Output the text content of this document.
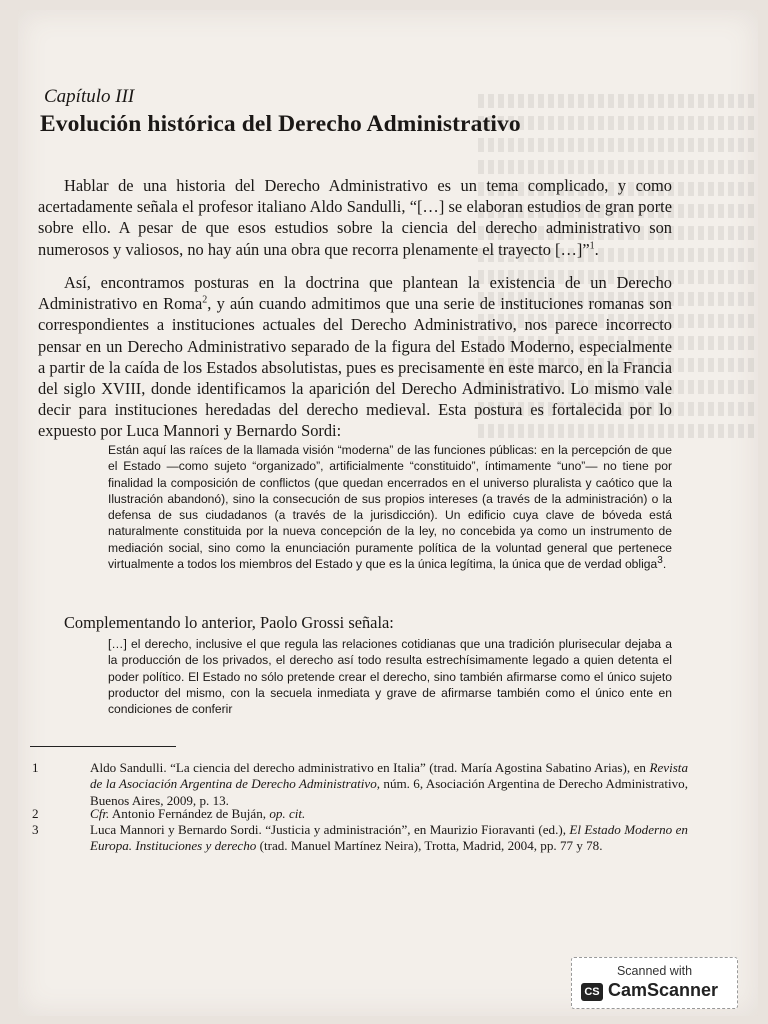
Capítulo III
Evolución histórica del Derecho Administrativo
Hablar de una historia del Derecho Administrativo es un tema complicado, y como acertadamente señala el profesor italiano Aldo Sandulli, “[…] se elaboran estudios de gran porte sobre ello. A pesar de que esos estudios sobre la ciencia del derecho administrativo son numerosos y valiosos, no hay aún una obra que recorra plenamente el trayecto […]”$^1$.
Así, encontramos posturas en la doctrina que plantean la existencia de un Derecho Administrativo en Roma$^2$, y aún cuando admitimos que una serie de instituciones romanas son correspondientes a instituciones actuales del Derecho Administrativo, nos parece incorrecto pensar en un Derecho Administrativo separado de la figura del Estado Moderno, especialmente a partir de la caída de los Estados absolutistas, pues es precisamente en este marco, en la Francia del siglo XVIII, donde identificamos la aparición del Derecho Administrativo. Lo mismo vale decir para instituciones heredadas del derecho medieval. Esta postura es fortalecida por lo expuesto por Luca Mannori y Bernardo Sordi:
Están aquí las raíces de la llamada visión “moderna” de las funciones públicas: en la percepción de que el Estado —como sujeto “organizado”, artificialmente “constituido”, íntimamente “uno”— no tiene por finalidad la composición de conflictos (que quedan encerrados en el universo pluralista y caótico que la Ilustración abandonó), sino la consecución de sus propios intereses (a través de la administración) o la defensa de sus ciudadanos (a través de la jurisdicción). Un edificio cuya clave de bóveda está naturalmente constituida por la nueva concepción de la ley, no concebida ya como un instrumento de mediación social, sino como la enunciación puramente política de la voluntad general que pertenece virtualmente a todos los miembros del Estado y que es la única legítima, la única que de verdad obliga$^3$.
Complementando lo anterior, Paolo Grossi señala:
[…] el derecho, inclusive el que regula las relaciones cotidianas que una tradición plurisecular dejaba a la producción de los privados, el derecho así todo resulta estrechísimamente legado a quien detenta el poder político. El Estado no sólo pretende crear el derecho, sino también afirmarse como el único sujeto productor del mismo, con la secuela inmediata y grave de afirmarse también como el único ente en condiciones de conferir
1	Aldo Sandulli. “La ciencia del derecho administrativo en Italia” (trad. María Agostina Sabatino Arias), en Revista de la Asociación Argentina de Derecho Administrativo, núm. 6, Asociación Argentina de Derecho Administrativo, Buenos Aires, 2009, p. 13.
2	Cfr. Antonio Fernández de Buján, op. cit.
3	Luca Mannori y Bernardo Sordi. “Justicia y administración”, en Maurizio Fioravanti (ed.), El Estado Moderno en Europa. Instituciones y derecho (trad. Manuel Martínez Neira), Trotta, Madrid, 2004, pp. 77 y 78.
Scanned with
CS CamScanner
